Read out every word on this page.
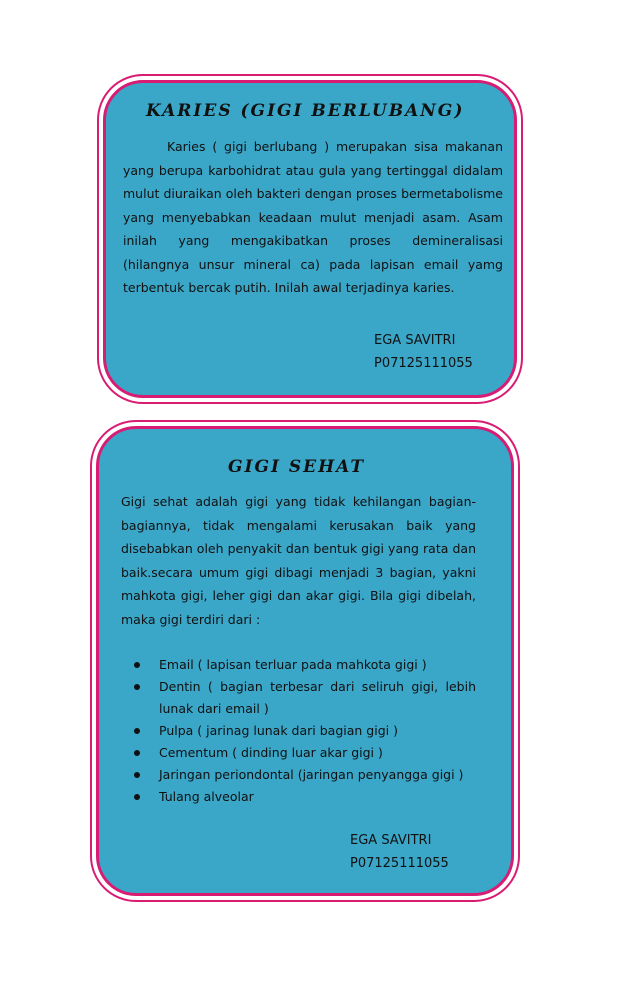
KARIES (GIGI BERLUBANG)
Karies ( gigi berlubang ) merupakan sisa makanan yang berupa karbohidrat atau gula yang tertinggal didalam mulut diuraikan oleh bakteri dengan proses bermetabolisme yang menyebabkan keadaan mulut menjadi asam. Asam inilah yang mengakibatkan proses demineralisasi (hilangnya unsur mineral ca) pada lapisan email yamg terbentuk bercak putih. Inilah awal terjadinya karies.
EGA SAVITRI
P07125111055
GIGI SEHAT
Gigi sehat adalah gigi yang tidak kehilangan bagian-bagiannya, tidak mengalami kerusakan baik yang disebabkan oleh penyakit dan bentuk gigi yang rata dan baik.secara umum gigi dibagi menjadi 3 bagian, yakni mahkota gigi, leher gigi dan akar gigi. Bila gigi dibelah, maka gigi terdiri dari :
Email ( lapisan terluar pada mahkota gigi )
Dentin ( bagian terbesar dari seliruh gigi, lebih lunak dari email )
Pulpa ( jarinag lunak dari bagian gigi )
Cementum ( dinding luar akar gigi )
Jaringan periondontal (jaringan penyangga gigi )
Tulang alveolar
EGA SAVITRI
P07125111055
